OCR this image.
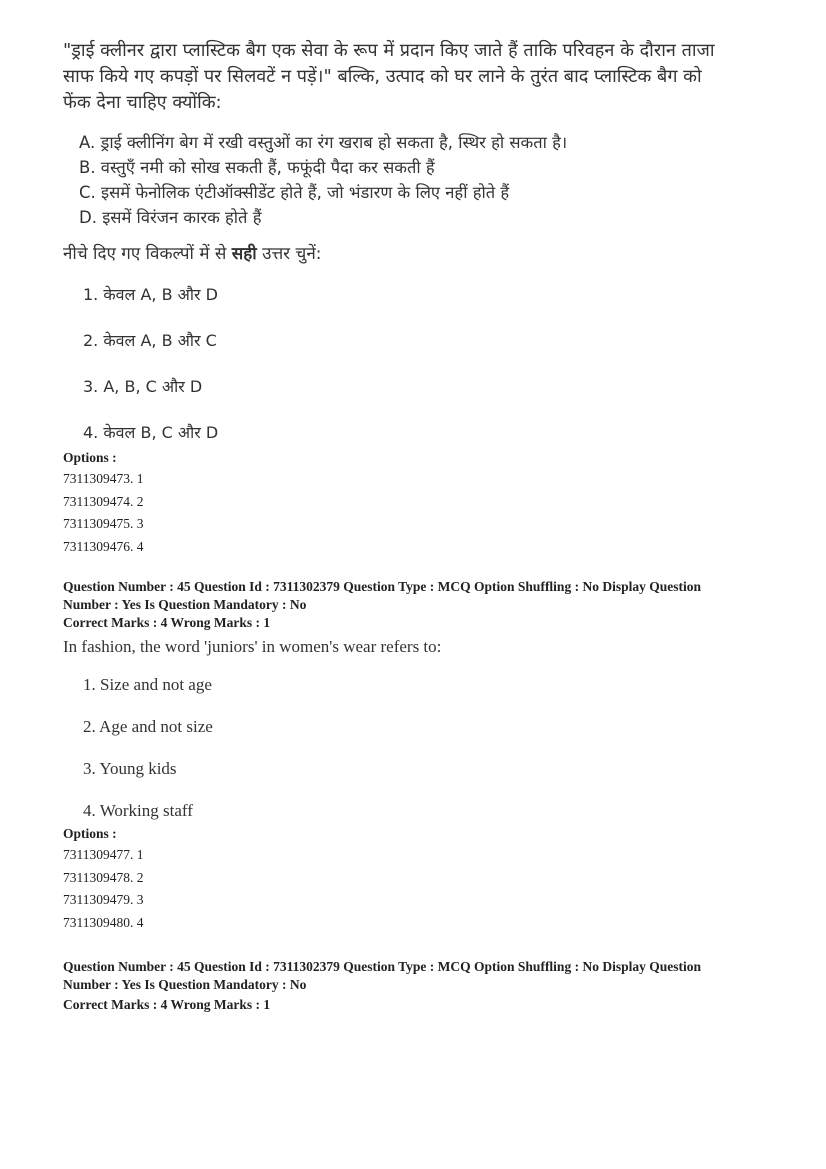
"ड्राई क्लीनर द्वारा प्लास्टिक बैग एक सेवा के रूप में प्रदान किए जाते हैं ताकि परिवहन के दौरान ताजा
साफ किये गए कपड़ों पर सिलवटें न पड़ें।" बल्कि, उत्पाद को घर लाने के तुरंत बाद प्लास्टिक बैग को
फेंक देना चाहिए क्योंकि:
A. ड्राई क्लीनिंग बेग में रखी वस्तुओं का रंग खराब हो सकता है, स्थिर हो सकता है।
B. वस्तुएँ नमी को सोख सकती हैं, फफूंदी पैदा कर सकती हैं
C. इसमें फेनोलिक एंटीऑक्सीडेंट होते हैं, जो भंडारण के लिए नहीं होते हैं
D. इसमें विरंजन कारक होते हैं
नीचे दिए गए विकल्पों में से सही उत्तर चुनें:
1. केवल A, B और D
2. केवल A, B और C
3. A, B, C और D
4. केवल B, C और D
Options :
7311309473. 1
7311309474. 2
7311309475. 3
7311309476. 4
Question Number : 45 Question Id : 7311302379 Question Type : MCQ Option Shuffling : No Display Question
Number : Yes Is Question Mandatory : No
Correct Marks : 4 Wrong Marks : 1
In fashion, the word 'juniors' in women's wear refers to:
1. Size and not age
2. Age and not size
3. Young kids
4. Working staff
Options :
7311309477. 1
7311309478. 2
7311309479. 3
7311309480. 4
Question Number : 45 Question Id : 7311302379 Question Type : MCQ Option Shuffling : No Display Question
Number : Yes Is Question Mandatory : No
Correct Marks : 4 Wrong Marks : 1
